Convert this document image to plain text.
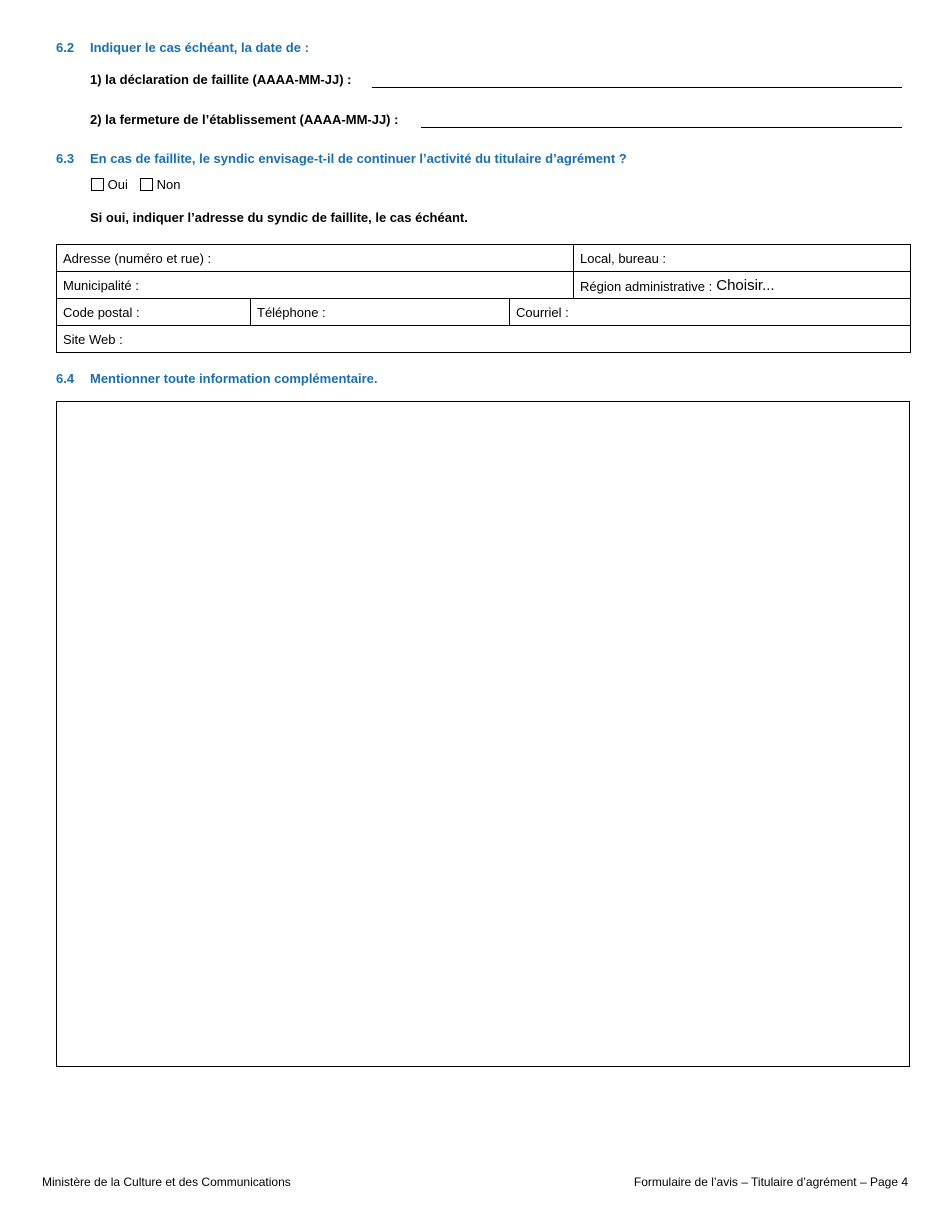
6.2 Indiquer le cas échéant, la date de :
1) la déclaration de faillite (AAAA-MM-JJ) :
2) la fermeture de l’établissement (AAAA-MM-JJ) :
6.3 En cas de faillite, le syndic envisage-t-il de continuer l’activité du titulaire d’agrément ?
Oui	Non
Si oui, indiquer l’adresse du syndic de faillite, le cas échéant.
Adresse (numéro et rue) :			Local, bureau :
Municipalité :			Région administrative : Choisir...
Code postal :	Téléphone :	Courriel :	
Site Web :			
6.4 Mentionner toute information complémentaire.
Ministère de la Culture et des Communications	Formulaire de l’avis – Titulaire d’agrément – Page 4
